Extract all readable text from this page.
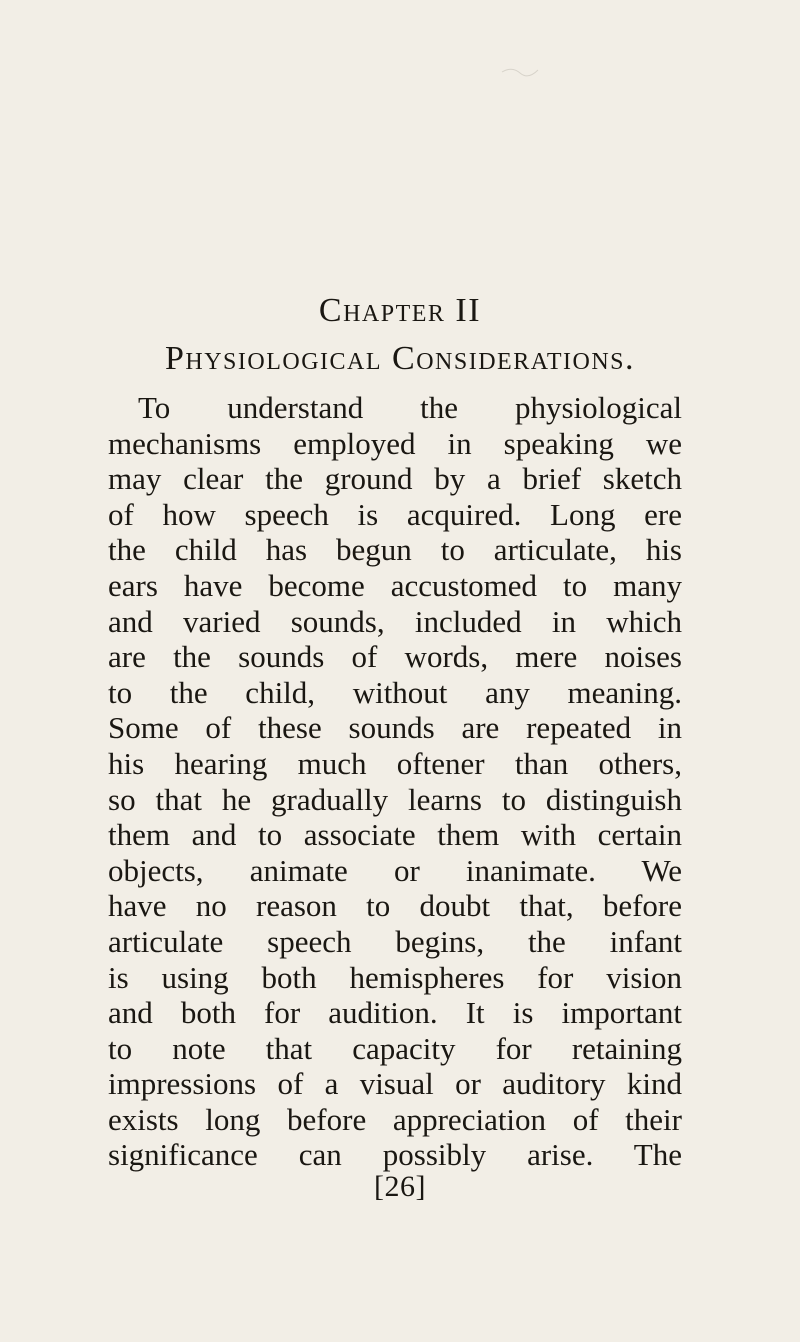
Chapter II
Physiological Considerations.
To understand the physiological
mechanisms employed in speaking we
may clear the ground by a brief sketch
of how speech is acquired. Long ere
the child has begun to articulate, his
ears have become accustomed to many
and varied sounds, included in which
are the sounds of words, mere noises
to the child, without any meaning.
Some of these sounds are repeated in
his hearing much oftener than others,
so that he gradually learns to distinguish
them and to associate them with certain
objects, animate or inanimate. We
have no reason to doubt that, before
articulate speech begins, the infant
is using both hemispheres for vision
and both for audition. It is important
to note that capacity for retaining
impressions of a visual or auditory kind
exists long before appreciation of their
significance can possibly arise. The
[26]
